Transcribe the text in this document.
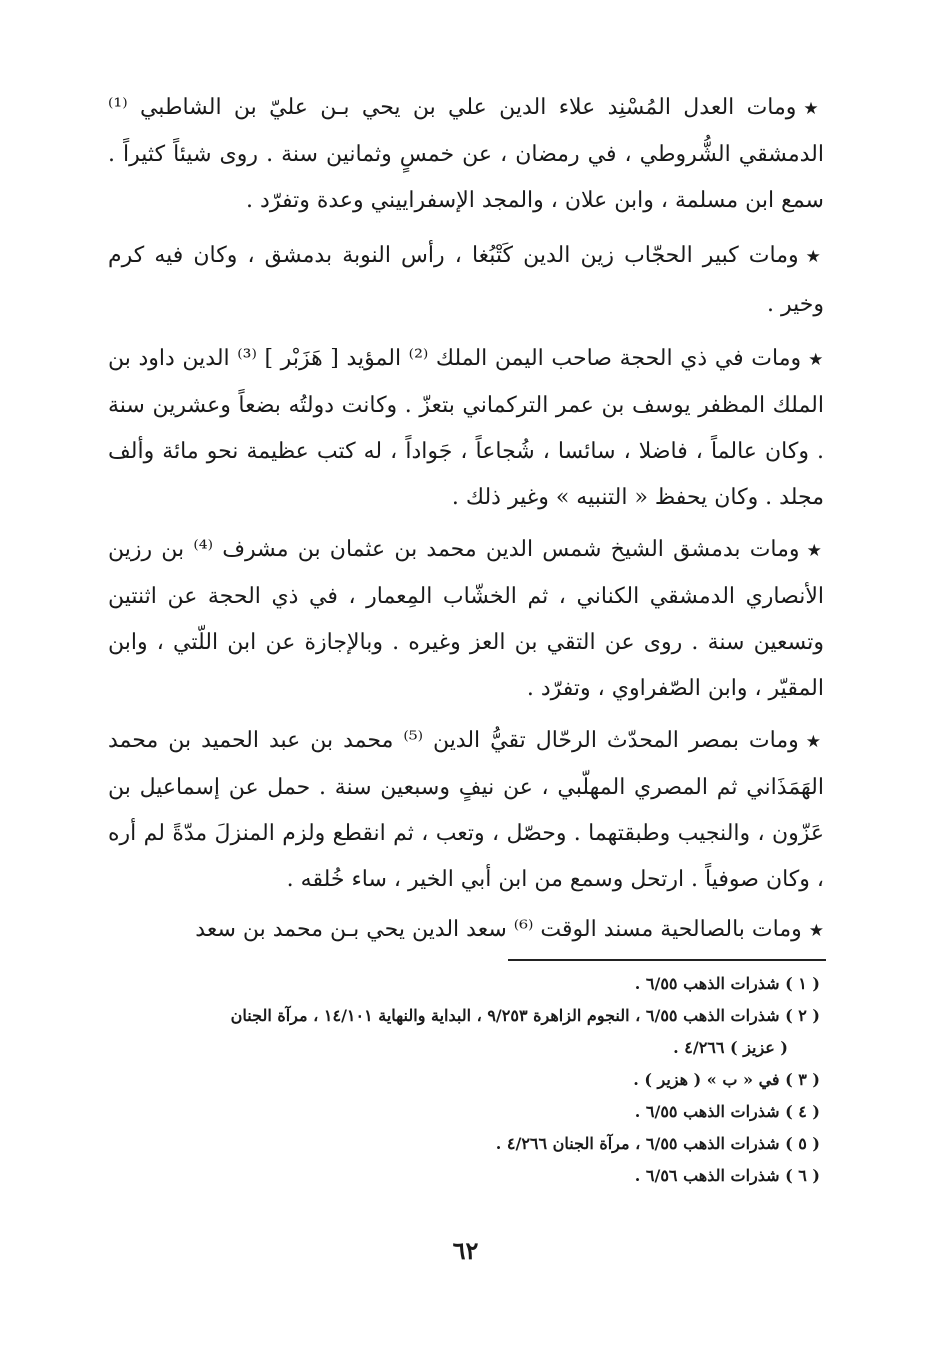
★ومات العدل المُسْنِد علاء الدين علي بن يحي بـن عليّ بن الشاطبي ⁽¹⁾ الدمشقي الشُّروطي ، في رمضان ، عن خمسٍ وثمانين سنة . روى شيئاً كثيراً . سمع ابن مسلمة ، وابن علان ، والمجد الإسفراييني وعدة وتفرّد .

★ومات كبير الحجّاب زين الدين كَتْبُغا ، رأس النوبة بدمشق ، وكان فيه كرم وخير .

★ومات في ذي الحجة صاحب اليمن الملك ⁽²⁾ المؤيد [ هَزَبْر ] ⁽³⁾ الدين داود بن الملك المظفر يوسف بن عمر التركماني بتعزّ . وكانت دولتُه بضعاً وعشرين سنة . وكان عالماً ، فاضلا ، سائسا ، شُجاعاً ، جَواداً ، له كتب عظيمة نحو مائة وألف مجلد . وكان يحفظ « التنبيه » وغير ذلك .

★ومات بدمشق الشيخ شمس الدين محمد بن عثمان بن مشرف ⁽⁴⁾ بن رزين الأنصاري الدمشقي الكناني ، ثم الخشّاب المِعمار ، في ذي الحجة عن اثنتين وتسعين سنة . روى عن التقي بن العز وغيره . وبالإجازة عن ابن اللّتي ، وابن المقيّر ، وابن الصّفراوي ، وتفرّد .

★ومات بمصر المحدّث الرحّال تقيُّ الدين ⁽⁵⁾ محمد بن عبد الحميد بن محمد الهَمَذَاني ثم المصري المهلّبي ، عن نيفٍ وسبعين سنة . حمل عن إسماعيل بن عَزّون ، والنجيب وطبقتهما . وحصّل ، وتعب ، ثم انقطع ولزم المنزلَ مدّةً لم أره ، وكان صوفياً . ارتحل وسمع من ابن أبي الخير ، ساء خُلقه .

★ومات بالصالحية مسند الوقت ⁽⁶⁾ سعد الدين يحي بـن محمد بن سعد

( ١ ) شذرات الذهب ٦/٥٥ .

( ٢ ) شذرات الذهب ٦/٥٥ ، النجوم الزاهرة ٩/٢٥٣ ، البداية والنهاية ١٤/١٠١ ، مرآة الجنان

( عزيز ) ٤/٢٦٦ .

( ٣ ) في « ب » ( هزير ) .

( ٤ ) شذرات الذهب ٦/٥٥ .

( ٥ ) شذرات الذهب ٦/٥٥ ، مرآة الجنان ٤/٢٦٦ .

( ٦ ) شذرات الذهب ٦/٥٦ .

٦٢
